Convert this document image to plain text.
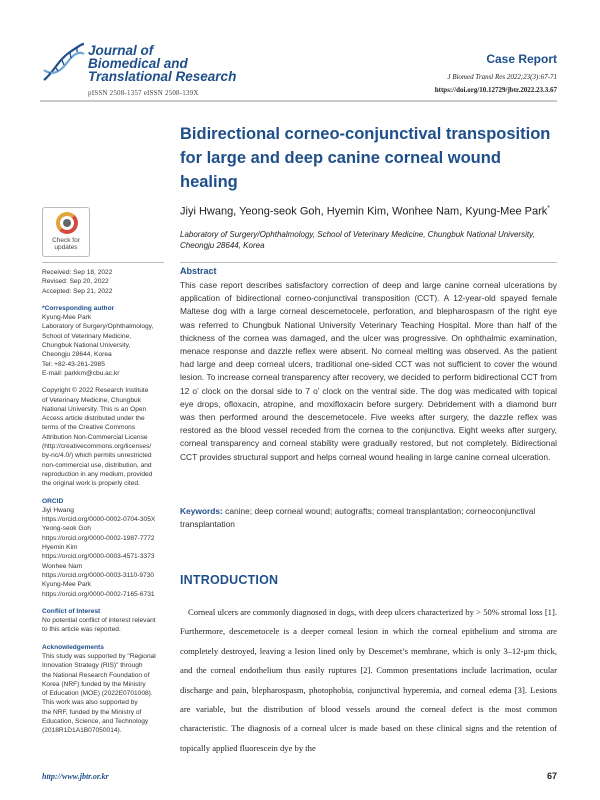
Journal of
Biomedical and
Translational Research
pISSN 2508-1357 eISSN 2508-139X
Case Report
J Biomed Transl Res 2022;23(3):67-71
https://doi.org/10.12729/jbtr.2022.23.3.67
Bidirectional corneo-conjunctival transposition
for large and deep canine corneal wound
healing
Jiyi Hwang, Yeong-seok Goh, Hyemin Kim, Wonhee Nam, Kyung-Mee Park*
Laboratory of Surgery/Ophthalmology, School of Veterinary Medicine, Chungbuk National University,
Cheongju 28644, Korea
Check for
updates
Received: Sep 18, 2022
Revised: Sep 20, 2022
Accepted: Sep 21, 2022
*Corresponding author
Kyung-Mee Park
Laboratory of Surgery/Ophthalmology,
School of Veterinary Medicine,
Chungbuk National University,
Cheongju 28644, Korea
Tel: +82-43-261-2985
E-mail: parkkm@cbu.ac.kr
Copyright © 2022 Research Institute
of Veterinary Medicine, Chungbuk
National University. This is an Open
Access article distributed under the
terms of the Creative Commons
Attribution Non-Commercial License
(http://creativecommons.org/licenses/
by-nc/4.0/) which permits unrestricted
non-commercial use, distribution, and
reproduction in any medium, provided
the original work is properly cited.
ORCID
Jiyi Hwang
https://orcid.org/0000-0002-0704-305X
Yeong-seok Goh
https://orcid.org/0000-0002-1987-7772
Hyemin Kim
https://orcid.org/0000-0003-4571-3373
Wonhee Nam
https://orcid.org/0000-0003-3110-9730
Kyung-Mee Park
https://orcid.org/0000-0002-7165-6731
Conflict of Interest
No potential conflict of interest relevant
to this article was reported.
Acknowledgements
This study was supported by "Regional
Innovation Strategy (RIS)" through
the National Research Foundation of
Korea (NRF) funded by the Ministry
of Education (MOE) (2022E0701008).
This work was also supported by
the NRF, funded by the Ministry of
Education, Science, and Technology
(2018R1D1A1B07050014).
Abstract
This case report describes satisfactory correction of deep and large canine corneal ulcerations by application of bidirectional corneo-conjunctival transposition (CCT). A 12-year-old spayed female Maltese dog with a large corneal descemetocele, perforation, and blepharospasm of the right eye was referred to Chungbuk National University Veterinary Teaching Hospital. More than half of the thickness of the cornea was damaged, and the ulcer was progressive. On ophthalmic examination, menace response and dazzle reflex were absent. No corneal melting was observed. As the patient had large and deep corneal ulcers, traditional one-sided CCT was not sufficient to cover the wound lesion. To increase corneal transparency after recovery, we decided to perform bidirectional CCT from 12 o’ clock on the dorsal side to 7 o’ clock on the ventral side. The dog was medicated with topical eye drops, ofloxacin, atropine, and moxifloxacin before surgery. Debridement with a diamond burr was then performed around the descemetocele. Five weeks after surgery, the dazzle reflex was restored as the blood vessel receded from the cornea to the conjunctiva. Eight weeks after surgery, corneal transparency and corneal stability were gradually restored, but not completely. Bidirectional CCT provides structural support and helps corneal wound healing in large canine corneal ulceration.
Keywords: canine; deep corneal wound; autografts; corneal transplantation; corneoconjunctival transplantation
INTRODUCTION
Corneal ulcers are commonly diagnosed in dogs, with deep ulcers characterized by > 50% stromal loss [1]. Furthermore, descemetocele is a deeper corneal lesion in which the corneal epithelium and stroma are completely destroyed, leaving a lesion lined only by Descemet’s membrane, which is only 3–12-μm thick, and the corneal endothelium thus easily ruptures [2]. Common presentations include lacrimation, ocular discharge and pain, blepharospasm, photophobia, conjunctival hyperemia, and corneal edema [3]. Lesions are variable, but the distribution of blood vessels around the corneal defect is the most common characteristic. The diagnosis of a corneal ulcer is made based on these clinical signs and the retention of topically applied fluorescein dye by the
http://www.jbtr.or.kr	67
